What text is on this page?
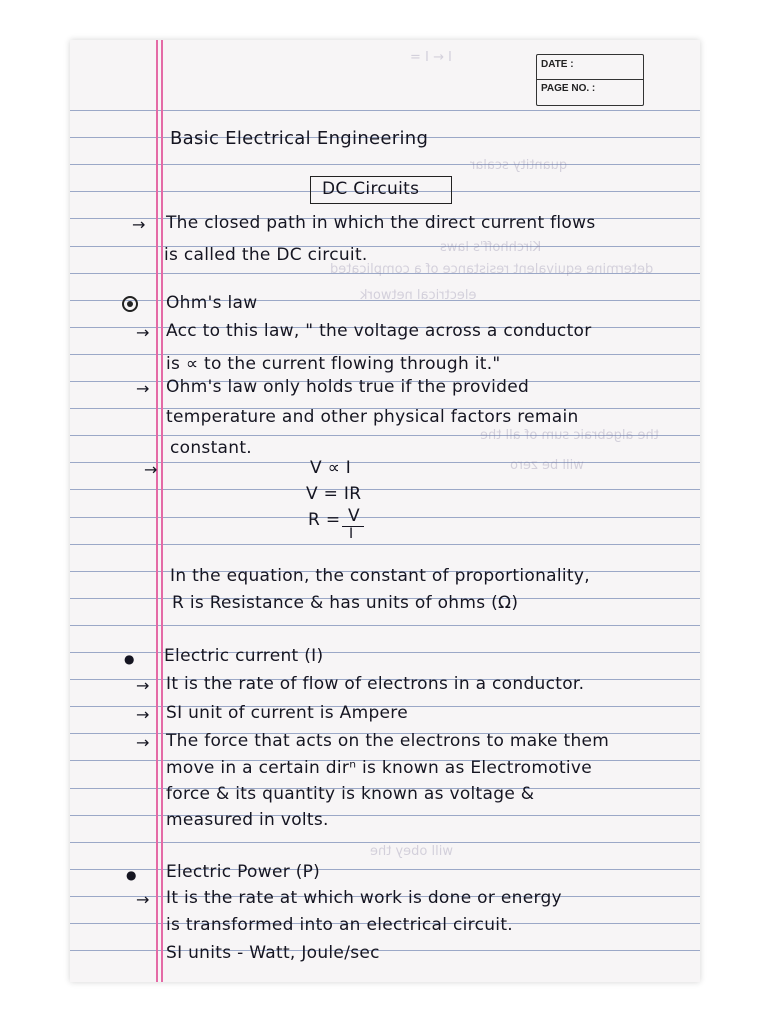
DATE :
PAGE NO. :
I ← I =
quantity scalar
Kirchhoff's laws
determine equivalent resistance of a complicated
electrical network
the algebraic sum of all the
will be zero
will obey the
Basic Electrical Engineering
DC Circuits
→ The closed path in which the direct current flows
is called the DC circuit.
Ohm's law
→ Acc to this law, " the voltage across a conductor
is ∝ to the current flowing through it."
→ Ohm's law only holds true if the provided
temperature and other physical factors remain
constant.
→	V ∝ I
V = IR
R = V
I
In the equation, the constant of proportionality,
R is Resistance & has units of ohms (Ω)
● Electric current (I)
→ It is the rate of flow of electrons in a conductor.
→ SI unit of current is Ampere
→ The force that acts on the electrons to make them
move in a certain dirⁿ is known as Electromotive
force & its quantity is known as voltage &
measured in volts.
● Electric Power (P)
→ It is the rate at which work is done or energy
is transformed into an electrical circuit.
SI units - Watt, Joule/sec
